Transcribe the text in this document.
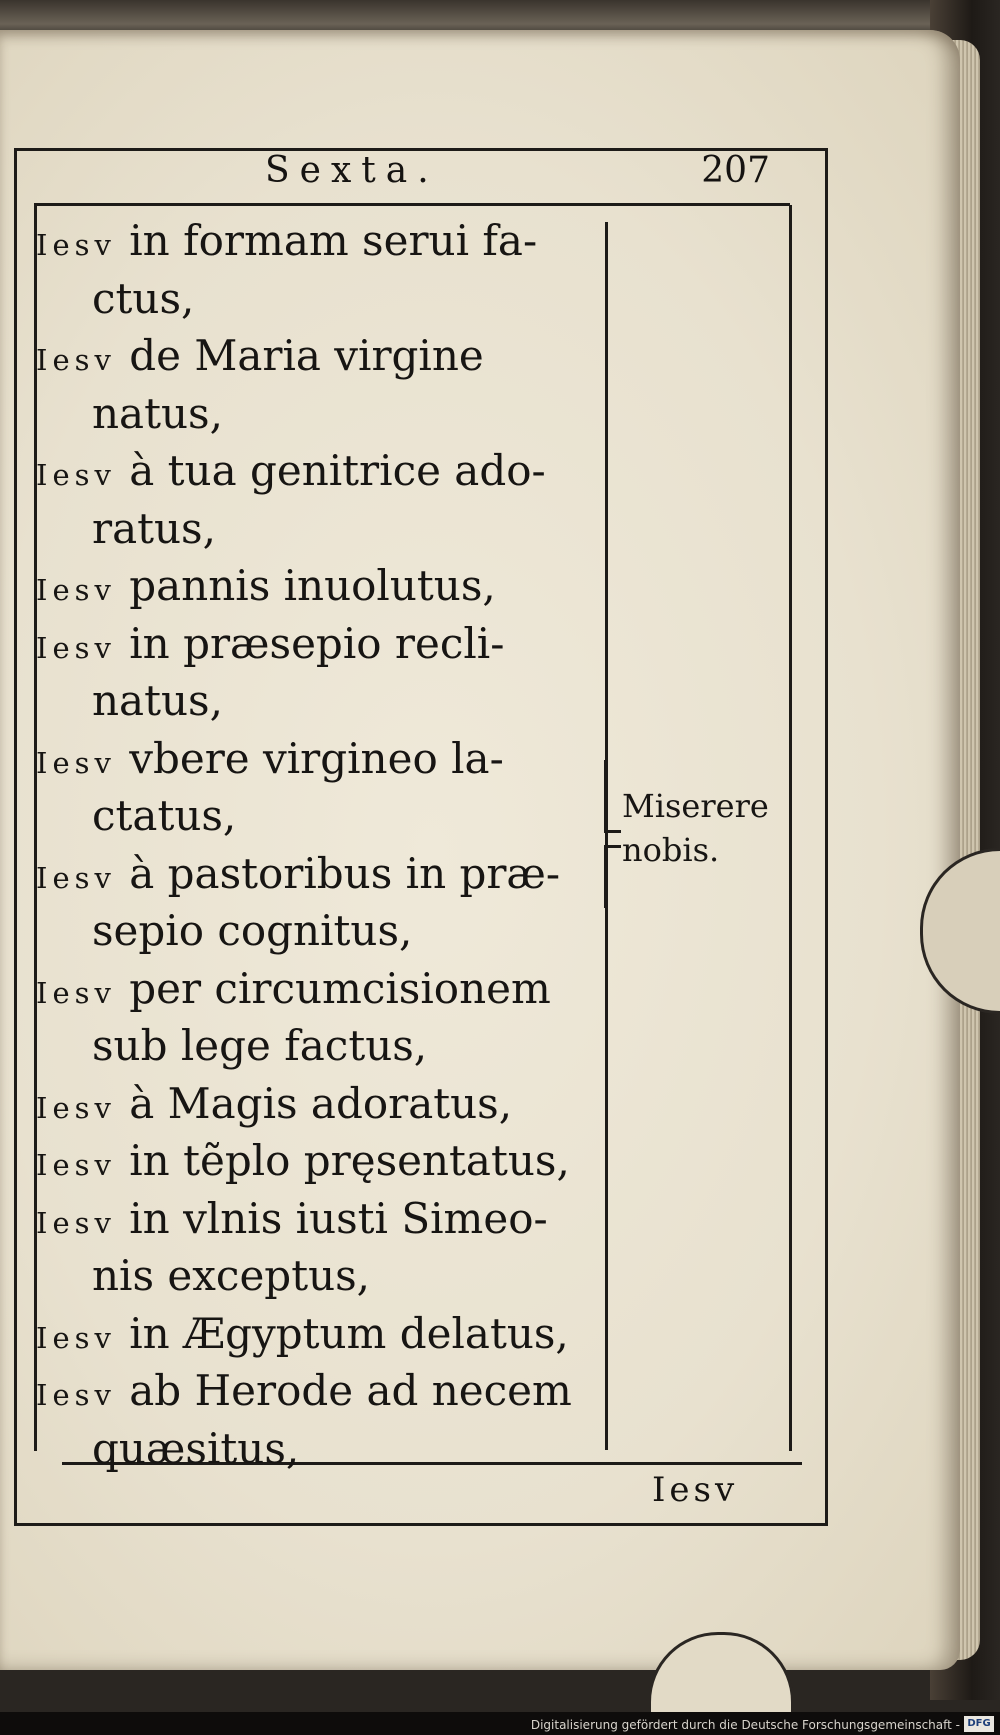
Sexta.	207
Iesv in formam serui fa-
ctus,
Iesv de Maria virgine
natus,
Iesv à tua genitrice ado-
ratus,
Iesv pannis inuolutus,
Iesv in præsepio recli-
natus,
Iesv vbere virgineo la-
ctatus,
Iesv à pastoribus in præ-
sepio cognitus,
Iesv per circumcisionem
sub lege factus,
Iesv à Magis adoratus,
Iesv in tẽplo pręsentatus,
Iesv in vlnis iusti Simeo-
nis exceptus,
Iesv in Ægyptum delatus,
Iesv ab Herode ad necem
quæsitus,
Miserere
nobis.
Iesv
Digitalisierung gefördert durch die Deutsche Forschungsgemeinschaft - DFG
